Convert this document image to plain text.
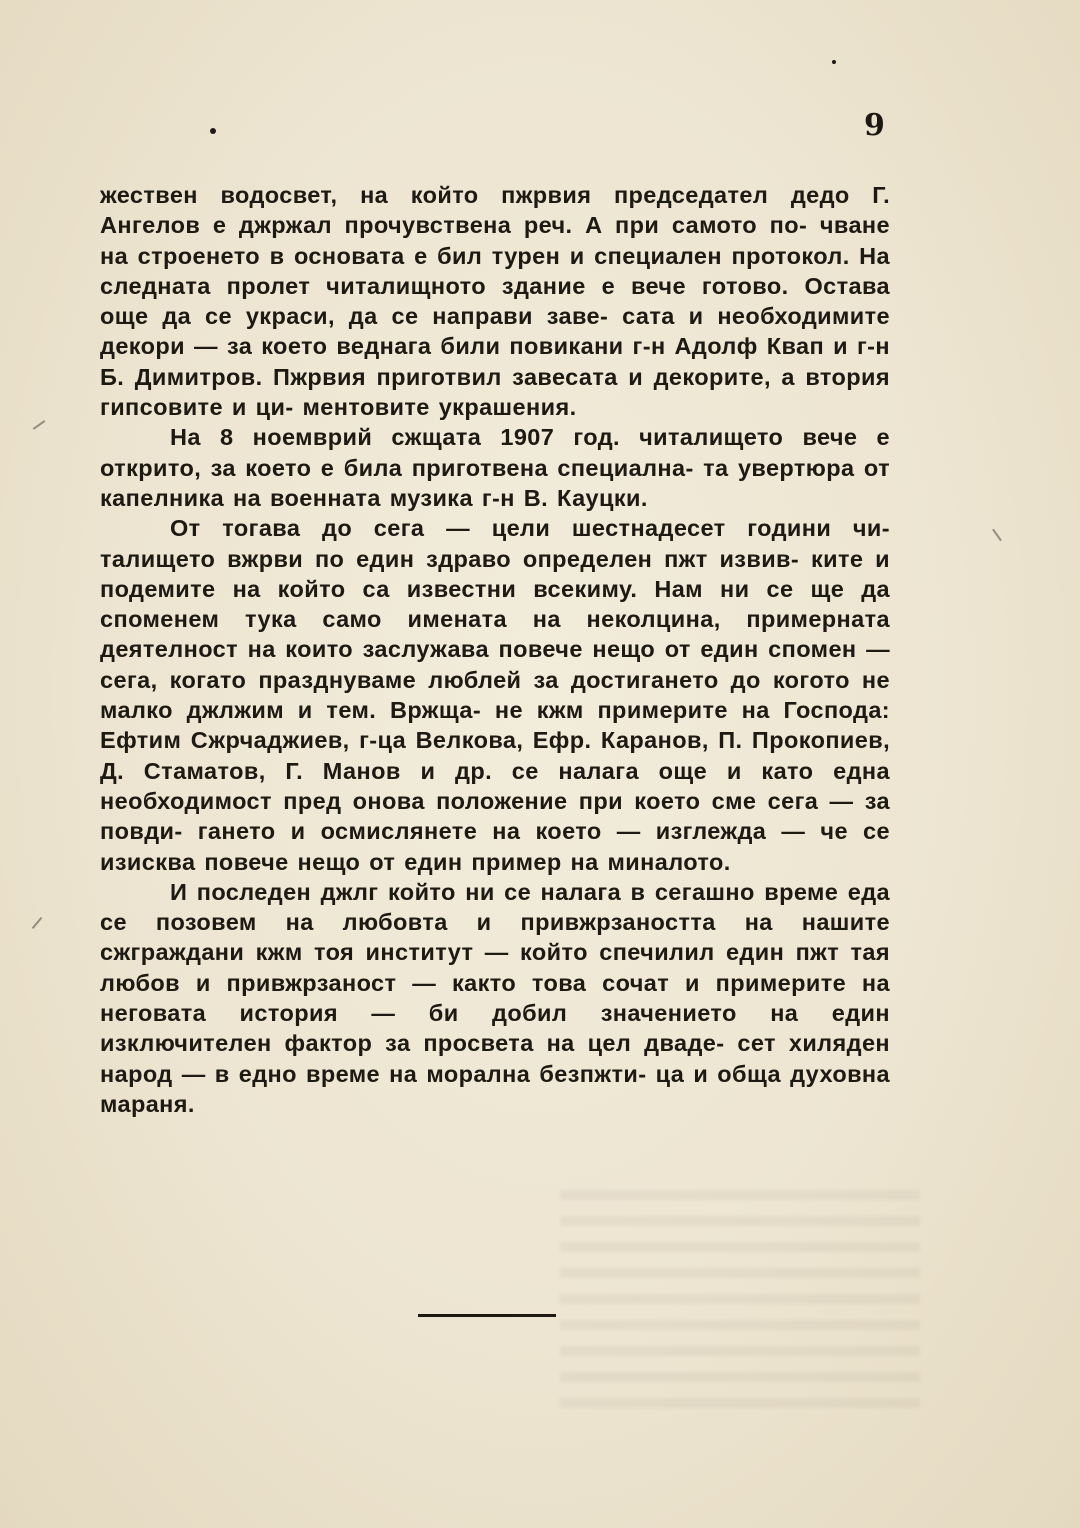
9

жествен водосвет, на който пжрвия председател дедо Г. Ангелов е джржал прочувствена реч. А при самото по- чване на строенето в основата е бил турен и специален протокол. На следната пролет читалищното здание е вече готово. Остава още да се украси, да се направи заве- сата и необходимите декори — за което веднага били повикани г-н Адолф Квап и г-н Б. Димитров. Пжрвия приготвил завесата и декорите, а втория гипсовите и ци- ментовите украшения.

На 8 ноемврий сжщата 1907 год. читалището вече е открито, за което е била приготвена специална- та увертюра от капелника на военната музика г-н В. Кауцки.

От тогава до сега — цели шестнадесет години чи- талището вжрви по един здраво определен пжт извив- ките и подемите на който са известни всекиму. Нам ни се ще да споменем тука само имената на неколцина, примерната деятелност на които заслужава повече нещо от един спомен — сега, когато празднуваме люблей за достигането до когото не малко джлжим и тем. Вржща- не кжм примерите на Господа: Ефтим Сжрчаджиев, г-ца Велкова, Ефр. Каранов, П. Прокопиев, Д. Стаматов, Г. Манов и др. се налага още и като една необходимост пред онова положение при което сме сега — за повди- гането и осмислянете на което — изглежда — че се изисква повече нещо от един пример на миналото.

И последен джлг който ни се налага в сегашно време еда се позовем на любовта и привжрзаността на нашите сжграждани кжм тоя институт — който спечилил един пжт тая любов и привжрзаност — както това сочат и примерите на неговата история — би добил значението на един изключителен фактор за просвета на цел дваде- сет хиляден народ — в едно време на морална безпжти- ца и обща духовна мараня.
